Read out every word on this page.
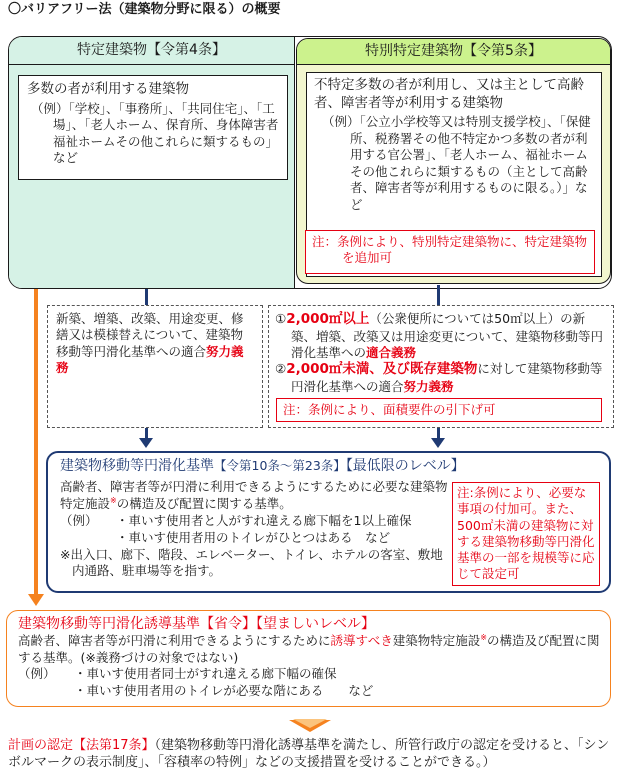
〇バリアフリー法（建築物分野に限る）の概要
特定建築物【令第4条】
多数の者が利用する建築物
（例）「学校」、「事務所」、「共同住宅」、「工場」、「老人ホーム、保育所、身体障害者福祉ホームその他これらに類するもの」など
特別特定建築物【令第5条】
不特定多数の者が利用し、又は主として高齢者、障害者等が利用する建築物
（例）「公立小学校等又は特別支援学校」、「保健所、税務署その他不特定かつ多数の者が利用する官公署」、「老人ホーム、福祉ホームその他これらに類するもの（主として高齢者、障害者等が利用するものに限る。）」など
注：条例により、特別特定建築物に、特定建築物を追加可
新築、増築、改築、用途変更、修繕又は模様替えについて、建築物移動等円滑化基準への適合努力義務
①2,000㎡以上（公衆便所については50㎡以上）の新築、増築、改築又は用途変更について、建築物移動等円滑化基準への適合義務
②2,000㎡未満、及び既存建築物に対して建築物移動等円滑化基準への適合努力義務
注：条例により、面積要件の引下げ可
建築物移動等円滑化基準【令第10条～第23条】【最低限のレベル】
高齢者、障害者等が円滑に利用できるようにするために必要な建築物特定施設※の構造及び配置に関する基準。
（例） ・車いす使用者と人がすれ違える廊下幅を1以上確保
・車いす使用者用のトイレがひとつはある　など
※出入口、廊下、階段、エレベーター、トイレ、ホテルの客室、敷地内通路、駐車場等を指す。
注:条例により、必要な事項の付加可。また、500㎡未満の建築物に対する建築物移動等円滑化基準の一部を規模等に応じて設定可
建築物移動等円滑化誘導基準【省令】【望ましいレベル】
高齢者、障害者等が円滑に利用できるようにするために誘導すべき建築物特定施設※の構造及び配置に関する基準。(※義務づけの対象ではない)
（例） ・車いす使用者同士がすれ違える廊下幅の確保
・車いす使用者用のトイレが必要な階にある　　など
計画の認定【法第17条】（建築物移動等円滑化誘導基準を満たし、所管行政庁の認定を受けると、「シンボルマークの表示制度」、「容積率の特例」などの支援措置を受けることができる。）
